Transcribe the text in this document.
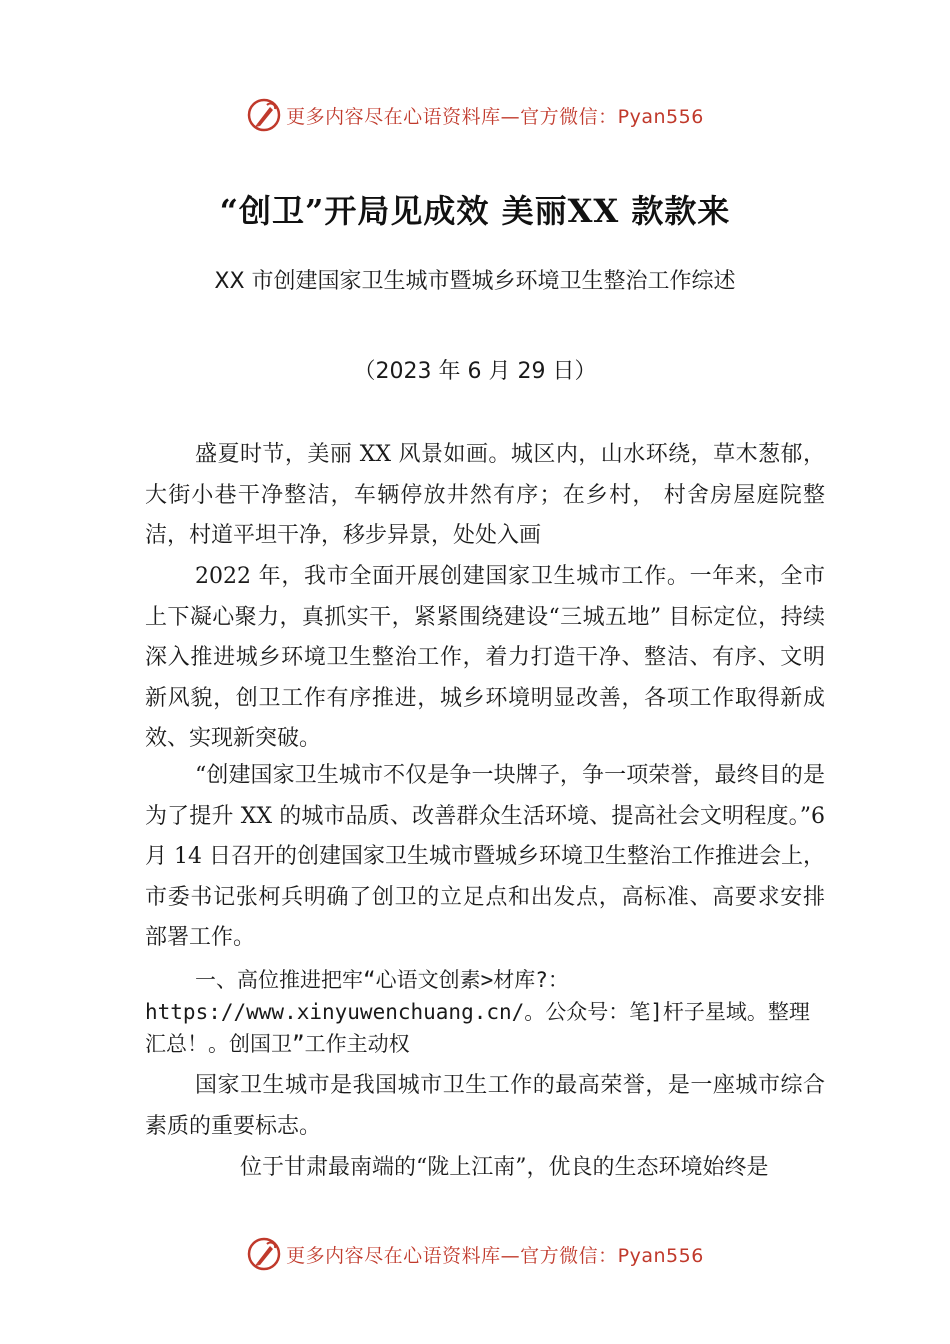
更多内容尽在心语资料库—官方微信：Pyan556
“创卫”开局见成效 美丽XX 款款来
XX 市创建国家卫生城市暨城乡环境卫生整治工作综述
（2023 年 6 月 29 日）
盛夏时节，美丽 XX 风景如画。城区内，山水环绕，草木葱郁，大街小巷干净整洁，车辆停放井然有序；在乡村， 村舍房屋庭院整洁，村道平坦干净，移步异景，处处入画
2022 年，我市全面开展创建国家卫生城市工作。一年来，全市上下凝心聚力，真抓实干，紧紧围绕建设“三城五地” 目标定位，持续深入推进城乡环境卫生整治工作，着力打造干净、整洁、有序、文明新风貌，创卫工作有序推进，城乡环境明显改善，各项工作取得新成效、实现新突破。
“创建国家卫生城市不仅是争一块牌子，争一项荣誉，最终目的是为了提升 XX 的城市品质、改善群众生活环境、提高社会文明程度。”6 月 14 日召开的创建国家卫生城市暨城乡环境卫生整治工作推进会上，市委书记张柯兵明确了创卫的立足点和出发点，高标准、高要求安排部署工作。
一、高位推进把牢“心语文创素>材库?：https://www.xinyuwenchuang.cn/。公众号：笔]杆子星域。整理汇总！。创国卫”工作主动权
国家卫生城市是我国城市卫生工作的最高荣誉，是一座城市综合素质的重要标志。
位于甘肃最南端的“陇上江南”，优良的生态环境始终是
更多内容尽在心语资料库—官方微信：Pyan556
